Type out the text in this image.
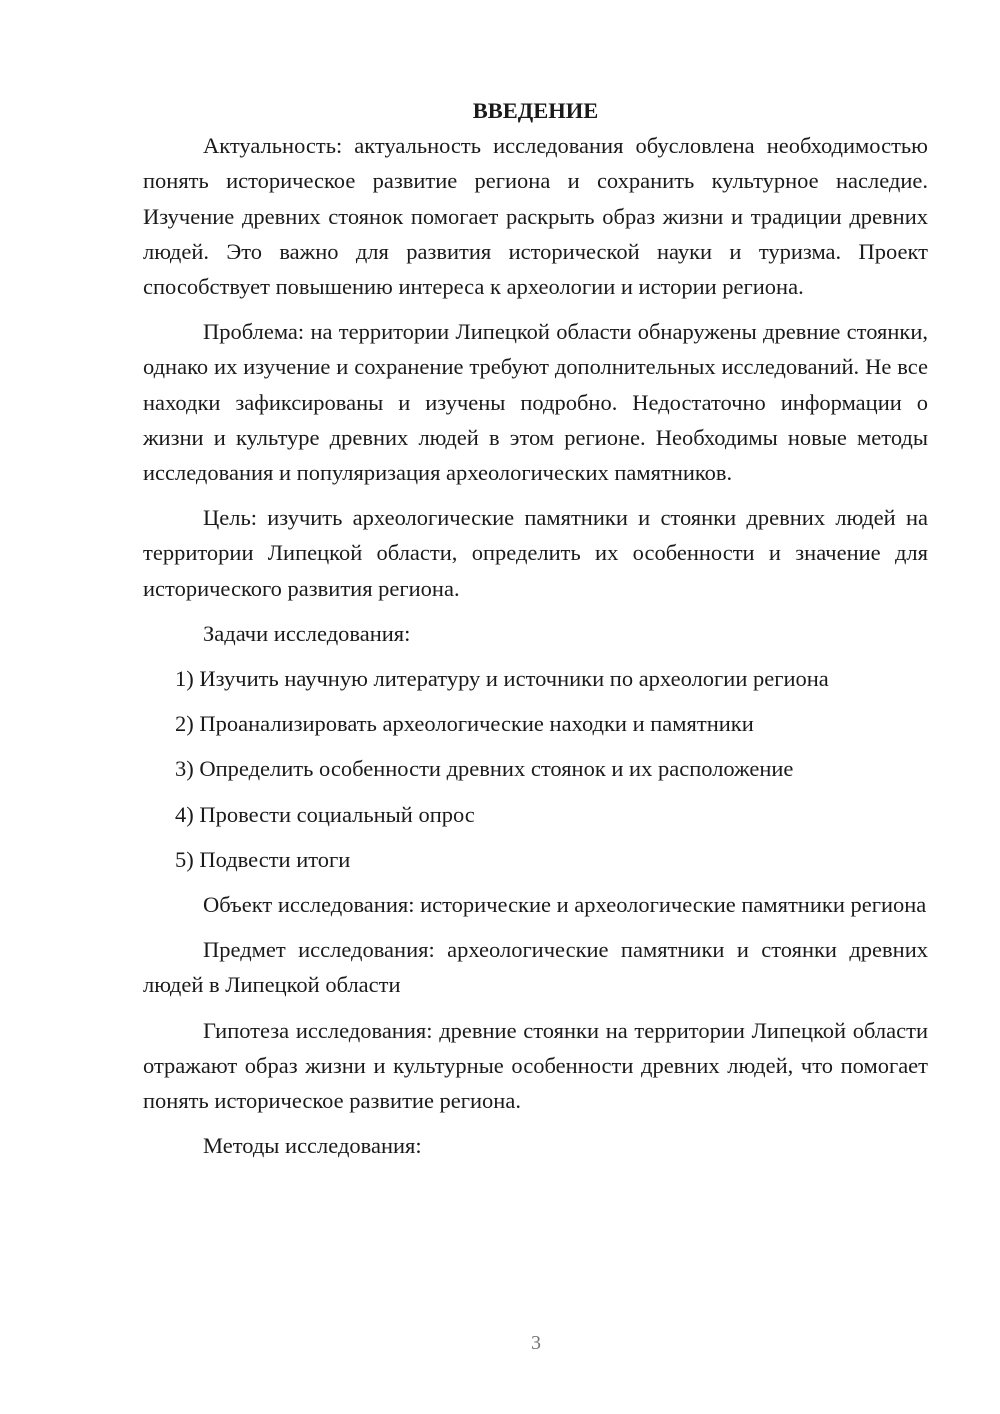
ВВЕДЕНИЕ

Актуальность: актуальность исследования обусловлена необходимостью понять историческое развитие региона и сохранить культурное наследие. Изучение древних стоянок помогает раскрыть образ жизни и традиции древних людей. Это важно для развития исторической науки и туризма. Проект способствует повышению интереса к археологии и истории региона.

Проблема: на территории Липецкой области обнаружены древние стоянки, однако их изучение и сохранение требуют дополнительных исследований. Не все находки зафиксированы и изучены подробно. Недостаточно информации о жизни и культуре древних людей в этом регионе. Необходимы новые методы исследования и популяризация археологических памятников.

Цель: изучить археологические памятники и стоянки древних людей на территории Липецкой области, определить их особенности и значение для исторического развития региона.

Задачи исследования:

1) Изучить научную литературу и источники по археологии региона
2) Проанализировать археологические находки и памятники
3) Определить особенности древних стоянок и их расположение
4) Провести социальный опрос
5) Подвести итоги

Объект исследования: исторические и археологические памятники региона

Предмет исследования: археологические памятники и стоянки древних людей в Липецкой области

Гипотеза исследования: древние стоянки на территории Липецкой области отражают образ жизни и культурные особенности древних людей, что помогает понять историческое развитие региона.

Методы исследования:

3
